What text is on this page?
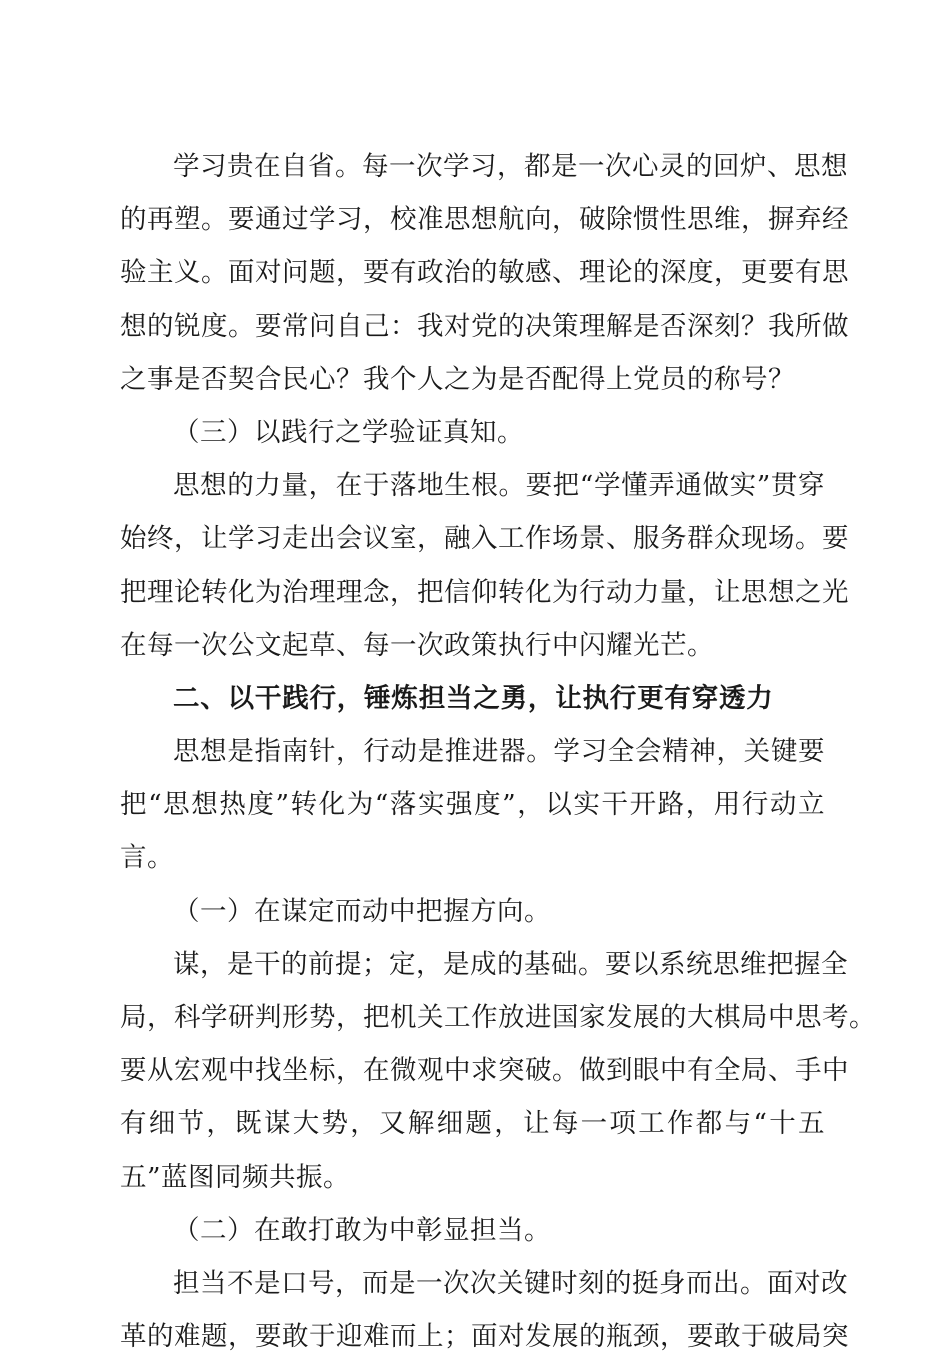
学习贵在自省。每一次学习，都是一次心灵的回炉、思想
的再塑。要通过学习，校准思想航向，破除惯性思维，摒弃经
验主义。面对问题，要有政治的敏感、理论的深度，更要有思
想的锐度。要常问自己：我对党的决策理解是否深刻？我所做
之事是否契合民心？我个人之为是否配得上党员的称号？
（三）以践行之学验证真知。
思想的力量，在于落地生根。要把“学懂弄通做实”贯穿
始终，让学习走出会议室，融入工作场景、服务群众现场。要
把理论转化为治理理念，把信仰转化为行动力量，让思想之光
在每一次公文起草、每一次政策执行中闪耀光芒。
二、以干践行，锤炼担当之勇，让执行更有穿透力
思想是指南针，行动是推进器。学习全会精神，关键要
把“思想热度”转化为“落实强度”，以实干开路，用行动立
言。
（一）在谋定而动中把握方向。
谋，是干的前提；定，是成的基础。要以系统思维把握全
局，科学研判形势，把机关工作放进国家发展的大棋局中思考。
要从宏观中找坐标，在微观中求突破。做到眼中有全局、手中
有细节，既谋大势，又解细题，让每一项工作都与“十五
五”蓝图同频共振。
（二）在敢打敢为中彰显担当。
担当不是口号，而是一次次关键时刻的挺身而出。面对改
革的难题，要敢于迎难而上；面对发展的瓶颈，要敢于破局突
